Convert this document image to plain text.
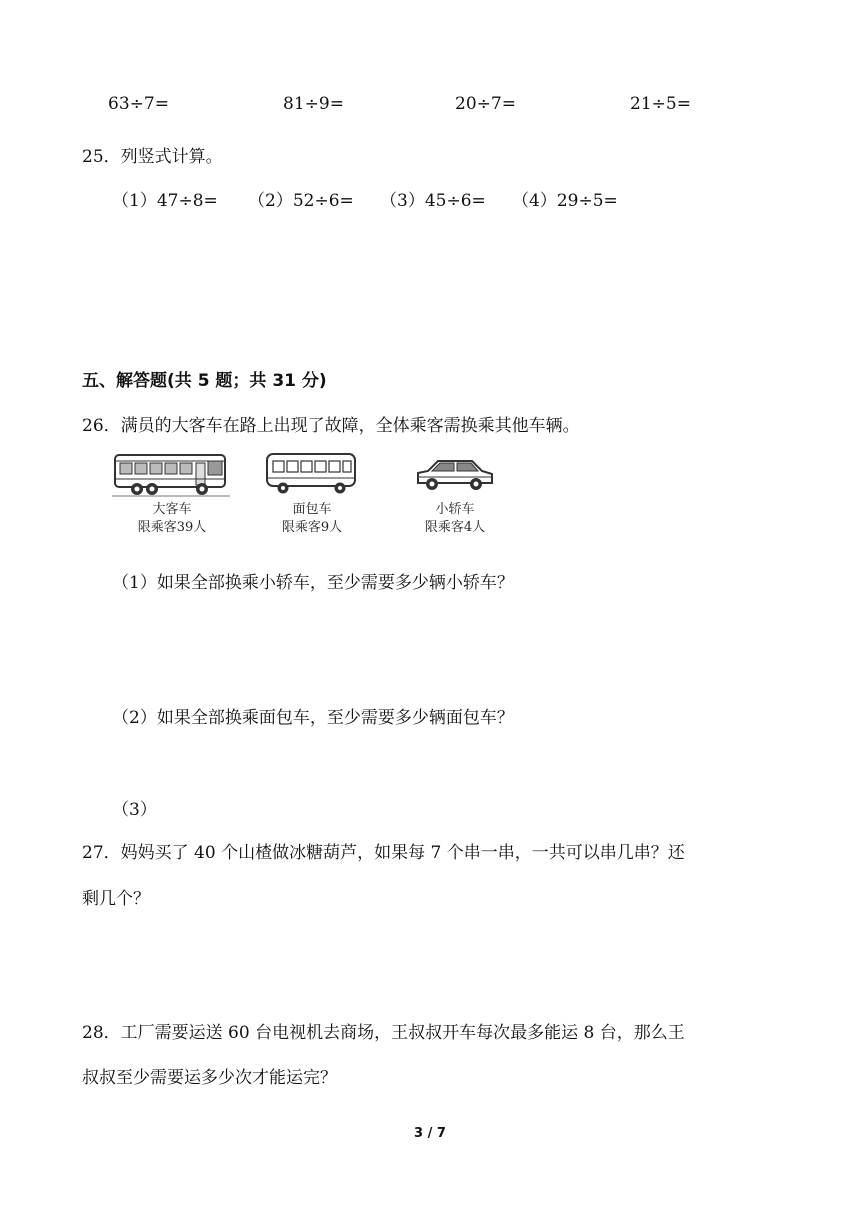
63÷7=	81÷9=	20÷7=	21÷5=
25．列竖式计算。
（1）47÷8= （2）52÷6= （3）45÷6= （4）29÷5=
五、解答题(共 5 题；共 31 分)
26．满员的大客车在路上出现了故障，全体乘客需换乘其他车辆。
大客车
限乘客39人
面包车
限乘客9人
小轿车
限乘客4人
（1）如果全部换乘小轿车，至少需要多少辆小轿车？
（2）如果全部换乘面包车，至少需要多少辆面包车？
（3）
27．妈妈买了 40 个山楂做冰糖葫芦，如果每 7 个串一串，一共可以串几串？还
剩几个？
28．工厂需要运送 60 台电视机去商场，王叔叔开车每次最多能运 8 台，那么王
叔叔至少需要运多少次才能运完？
3 / 7
